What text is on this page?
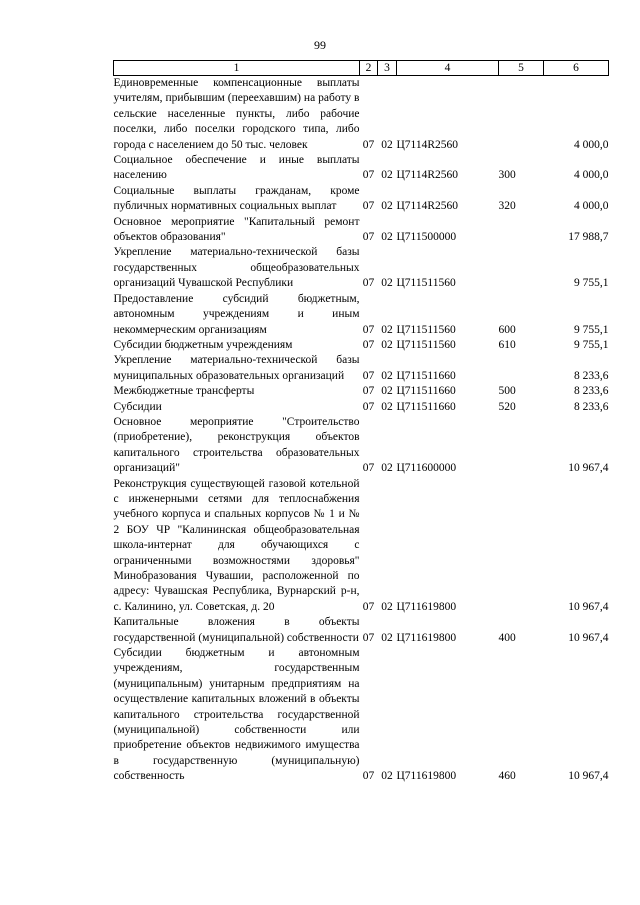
99
1	2	3	4	5	6
Единовременные компенсационные выплаты учителям, прибывшим (переехавшим) на работу в сельские населенные пункты, либо рабочие поселки, либо поселки городского типа, либо города с населением до 50 тыс. человек	07	02	Ц7114R2560		4 000,0
Социальное обеспечение и иные выплаты населению	07	02	Ц7114R2560	300	4 000,0
Социальные выплаты гражданам, кроме публичных нормативных социальных выплат	07	02	Ц7114R2560	320	4 000,0
Основное мероприятие "Капитальный ремонт объектов образования"	07	02	Ц711500000		17 988,7
Укрепление материально-технической базы государственных общеобразовательных организаций Чувашской Республики	07	02	Ц711511560		9 755,1
Предоставление субсидий бюджетным, автономным учреждениям и иным некоммерческим организациям	07	02	Ц711511560	600	9 755,1
Субсидии бюджетным учреждениям	07	02	Ц711511560	610	9 755,1
Укрепление материально-технической базы муниципальных образовательных организаций	07	02	Ц711511660		8 233,6
Межбюджетные трансферты	07	02	Ц711511660	500	8 233,6
Субсидии	07	02	Ц711511660	520	8 233,6
Основное мероприятие "Строительство (приобретение), реконструкция объектов капитального строительства образовательных организаций"	07	02	Ц711600000		10 967,4
Реконструкция существующей газовой котельной с инженерными сетями для теплоснабжения учебного корпуса и спальных корпусов № 1 и № 2 БОУ ЧР "Калининская общеобразовательная школа-интернат для обучающихся с ограниченными возможностями здоровья" Минобразования Чувашии, расположенной по адресу: Чувашская Республика, Вурнарский р-н, с. Калинино, ул. Советская, д. 20	07	02	Ц711619800		10 967,4
Капитальные вложения в объекты государственной (муниципальной) собственности	07	02	Ц711619800	400	10 967,4
Субсидии бюджетным и автономным учреждениям, государственным (муниципальным) унитарным предприятиям на осуществление капитальных вложений в объекты капитального строительства государственной (муниципальной) собственности или приобретение объектов недвижимого имущества в государственную (муниципальную) собственность	07	02	Ц711619800	460	10 967,4
